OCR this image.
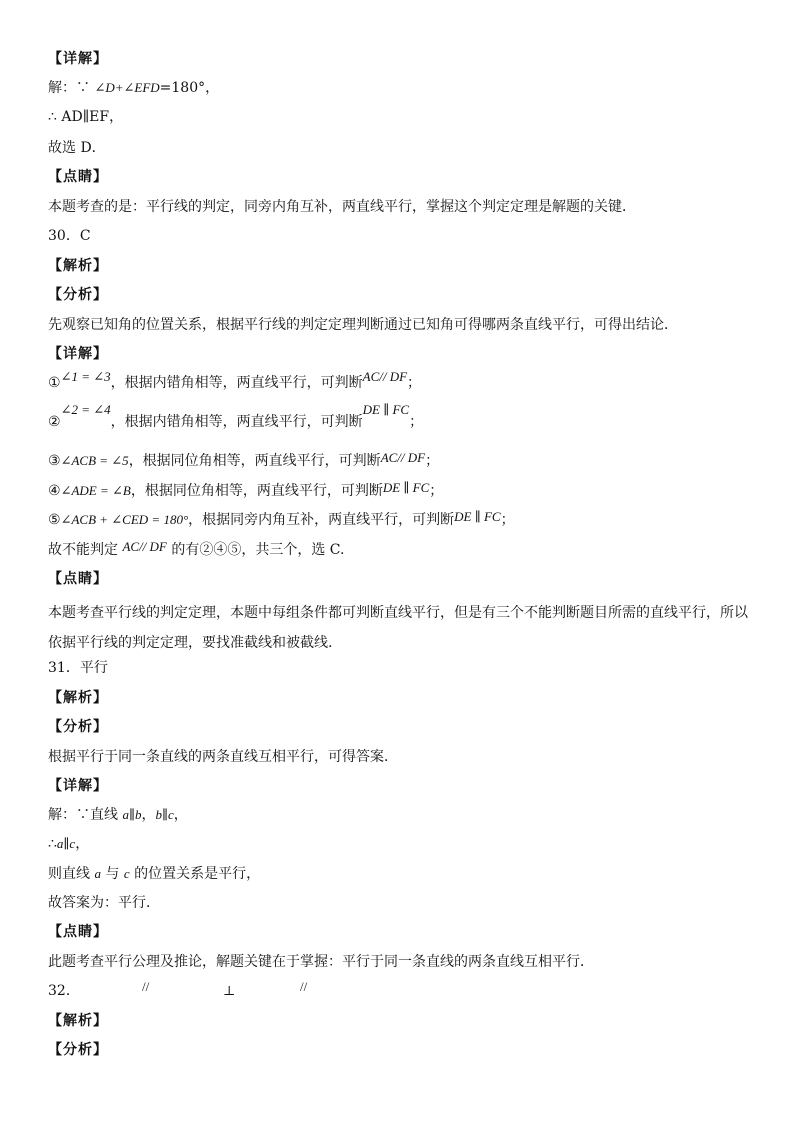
【详解】
解：∵ ∠D+∠EFD=180°，
∴ AD∥EF，
故选 D．
【点睛】
本题考查的是：平行线的判定，同旁内角互补，两直线平行，掌握这个判定定理是解题的关键．
30．C
【解析】
【分析】
先观察已知角的位置关系，根据平行线的判定定理判断通过已知角可得哪两条直线平行，可得出结论．
【详解】
①∠1 = ∠3，根据内错角相等，两直线平行，可判断AC// DF；
②∠2 = ∠4，根据内错角相等，两直线平行，可判断DE ∥ FC；
③∠ACB = ∠5，根据同位角相等，两直线平行，可判断AC// DF；
④∠ADE = ∠B，根据同位角相等，两直线平行，可判断DE ∥ FC；
⑤∠ACB + ∠CED = 180°，根据同旁内角互补，两直线平行，可判断DE ∥ FC；
故不能判定 AC// DF 的有②④⑤，共三个，选 C.
【点睛】
本题考查平行线的判定定理，本题中每组条件都可判断直线平行，但是有三个不能判断题目所需的直线平行，所以依据平行线的判定定理，要找准截线和被截线.
31．平行
【解析】
【分析】
根据平行于同一条直线的两条直线互相平行，可得答案．
【详解】
解：∵直线 a∥b，b∥c，
∴a∥c，
则直线 a 与 c 的位置关系是平行，
故答案为：平行．
【点睛】
此题考查平行公理及推论，解题关键在于掌握：平行于同一条直线的两条直线互相平行．
32．	//	⊥	//
【解析】
【分析】
